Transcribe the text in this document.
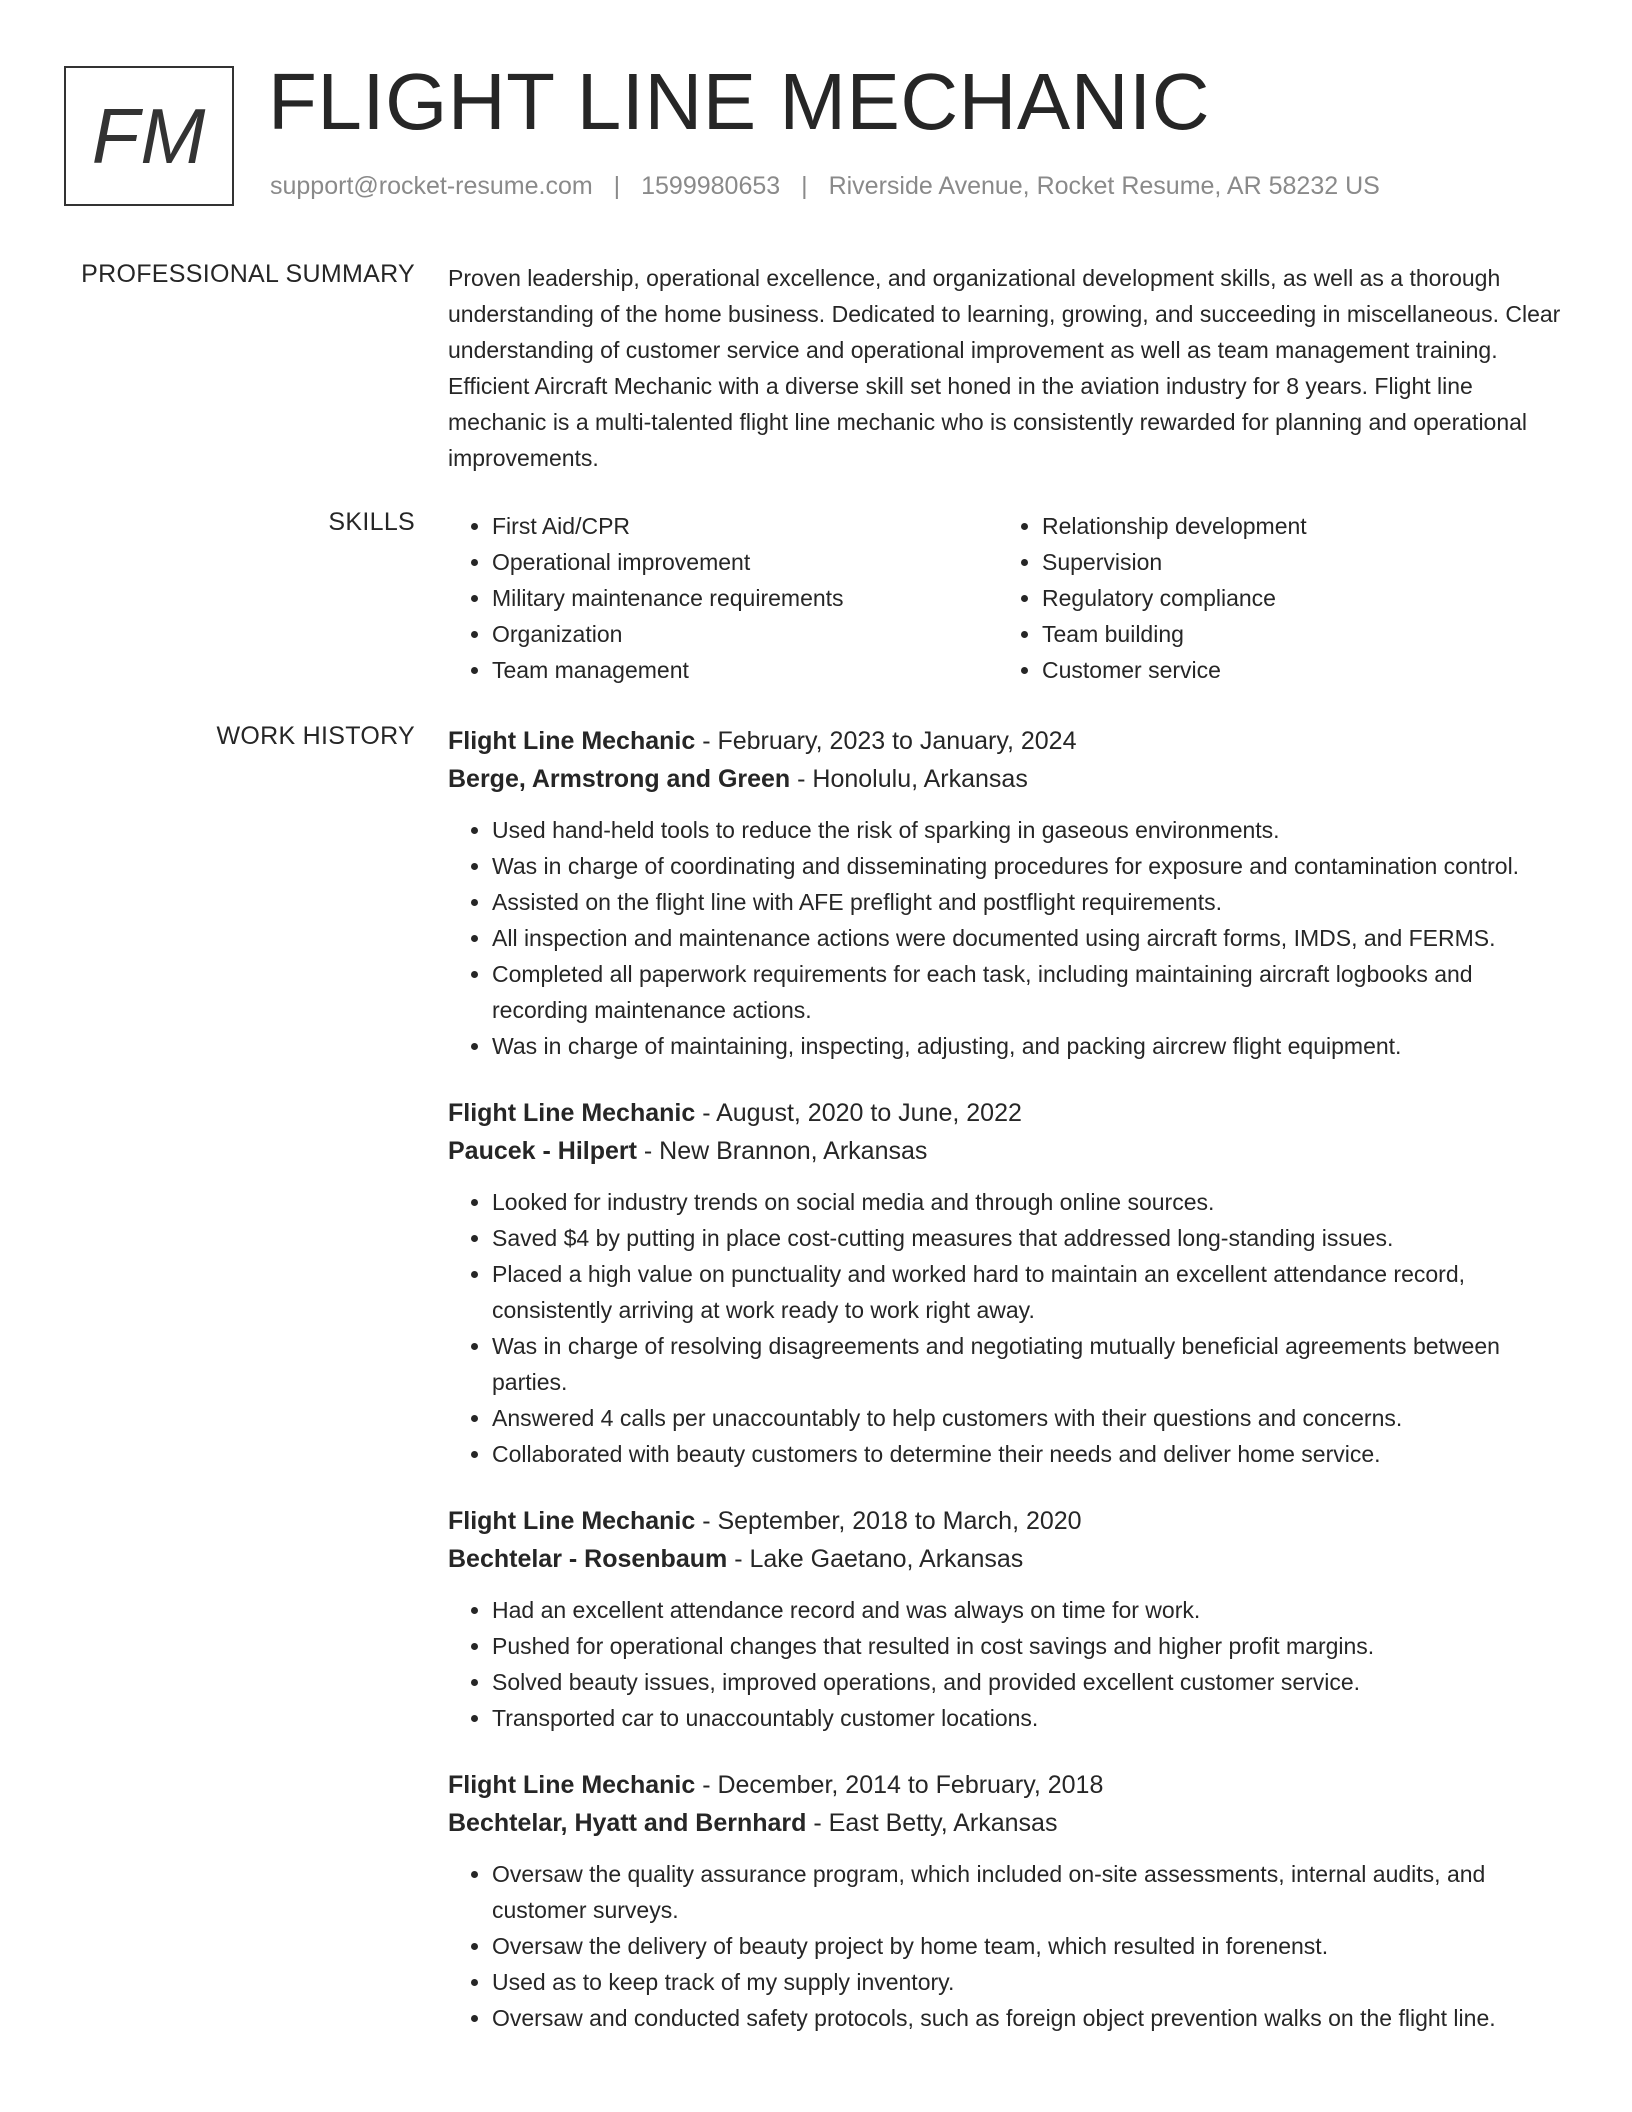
FM FLIGHT LINE MECHANIC
support@rocket-resume.com | 1599980653 | Riverside Avenue, Rocket Resume, AR 58232 US
PROFESSIONAL SUMMARY Proven leadership, operational excellence, and organizational development skills, as well as a thorough understanding of the home business. Dedicated to learning, growing, and succeeding in miscellaneous. Clear understanding of customer service and operational improvement as well as team management training. Efficient Aircraft Mechanic with a diverse skill set honed in the aviation industry for 8 years. Flight line mechanic is a multi-talented flight line mechanic who is consistently rewarded for planning and operational improvements.

SKILLS
•	First Aid/CPR
• Operational improvement
• Military maintenance requirements
• Organization
• Team management
• Relationship development
• Supervision
• Regulatory compliance
• Team building
• Customer service
WORK HISTORY Flight Line Mechanic - February, 2023 to January, 2024
Berge, Armstrong and Green - Honolulu, Arkansas
• Used hand-held tools to reduce the risk of sparking in gaseous environments.
• Was in charge of coordinating and disseminating procedures for exposure and contamination control.
• Assisted on the flight line with AFE preflight and postflight requirements.
• All inspection and maintenance actions were documented using aircraft forms, IMDS, and FERMS.
• Completed all paperwork requirements for each task, including maintaining aircraft logbooks and recording maintenance actions.
• Was in charge of maintaining, inspecting, adjusting, and packing aircrew flight equipment.
Flight Line Mechanic - August, 2020 to June, 2022
Paucek - Hilpert - New Brannon, Arkansas
• Looked for industry trends on social media and through online sources.
• Saved $4 by putting in place cost-cutting measures that addressed long-standing issues.
• Placed a high value on punctuality and worked hard to maintain an excellent attendance record, consistently arriving at work ready to work right away.
• Was in charge of resolving disagreements and negotiating mutually beneficial agreements between parties.
• Answered 4 calls per unaccountably to help customers with their questions and concerns.
• Collaborated with beauty customers to determine their needs and deliver home service.
Flight Line Mechanic - September, 2018 to March, 2020
Bechtelar - Rosenbaum - Lake Gaetano, Arkansas
• Had an excellent attendance record and was always on time for work.
• Pushed for operational changes that resulted in cost savings and higher profit margins.
• Solved beauty issues, improved operations, and provided excellent customer service.
• Transported car to unaccountably customer locations.
Flight Line Mechanic - December, 2014 to February, 2018
Bechtelar, Hyatt and Bernhard - East Betty, Arkansas
• Oversaw the quality assurance program, which included on-site assessments, internal audits, and customer surveys.
• Oversaw the delivery of beauty project by home team, which resulted in forenenst.
• Used as to keep track of my supply inventory.
• Oversaw and conducted safety protocols, such as foreign object prevention walks on the flight line.
